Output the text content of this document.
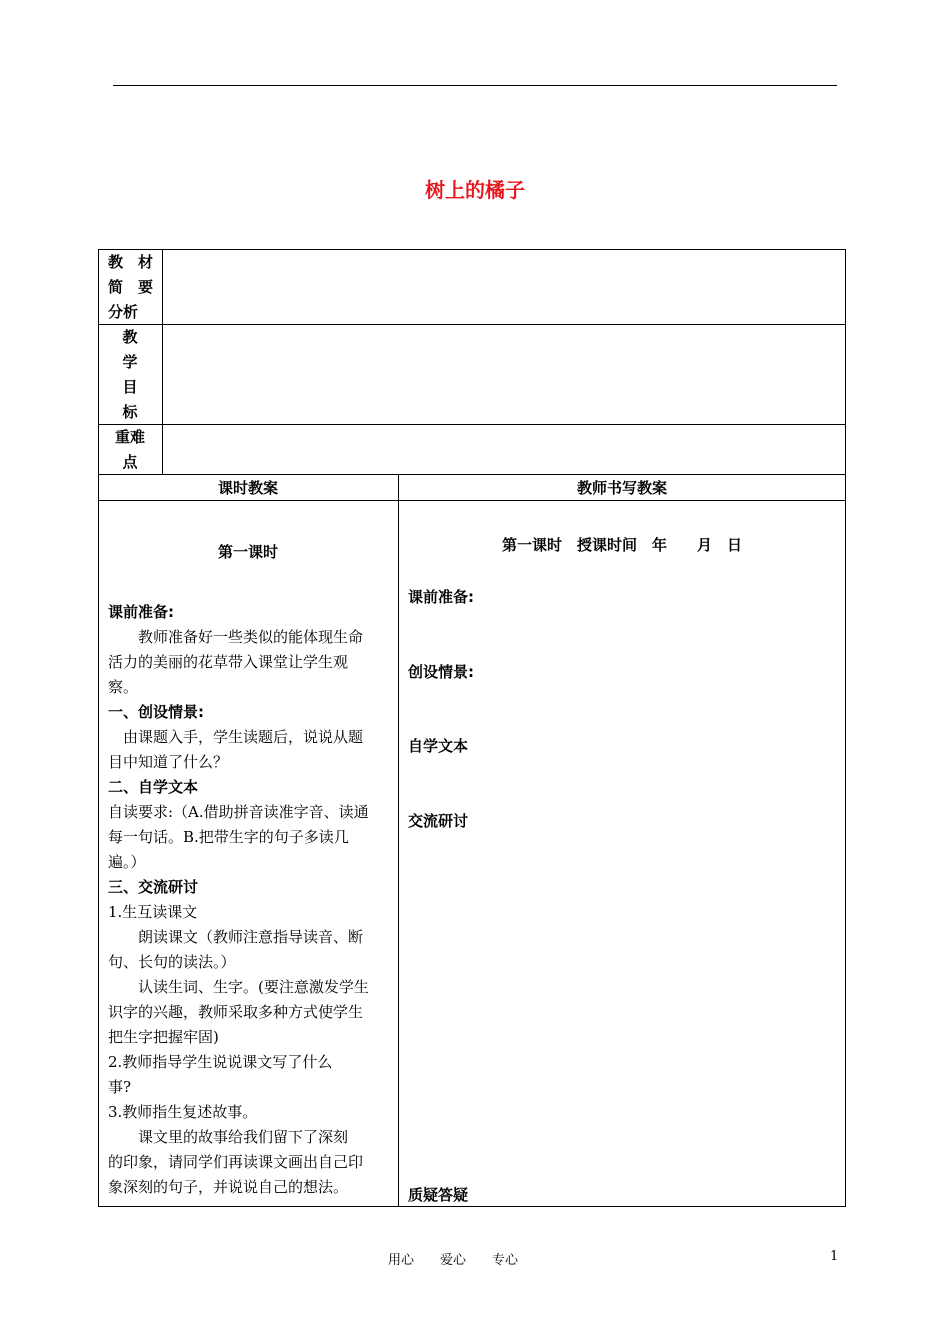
树上的橘子
教　材
简　要
分析
教
学
目
标
重难
点
课时教案	教师书写教案
第一课时
课前准备:
　　教师准备好一些类似的能体现生命
活力的美丽的花草带入课堂让学生观
察。
一、创设情景:
　由课题入手，学生读题后，说说从题
目中知道了什么？
二、自学文本
自读要求:（A.借助拼音读准字音、读通
每一句话。B.把带生字的句子多读几
遍。）
三、交流研讨
1.生互读课文
　　朗读课文（教师注意指导读音、断
句、长句的读法。）
　　认读生词、生字。(要注意激发学生
识字的兴趣，教师采取多种方式使学生
把生字把握牢固)
2.教师指导学生说说课文写了什么
事?
3.教师指生复述故事。
　　课文里的故事给我们留下了深刻
的印象，请同学们再读课文画出自己印
象深刻的句子，并说说自己的想法。
第一课时　授课时间　年　　月　日
课前准备:
创设情景:
自学文本
交流研讨
质疑答疑
用心　　爱心　　专心	1
